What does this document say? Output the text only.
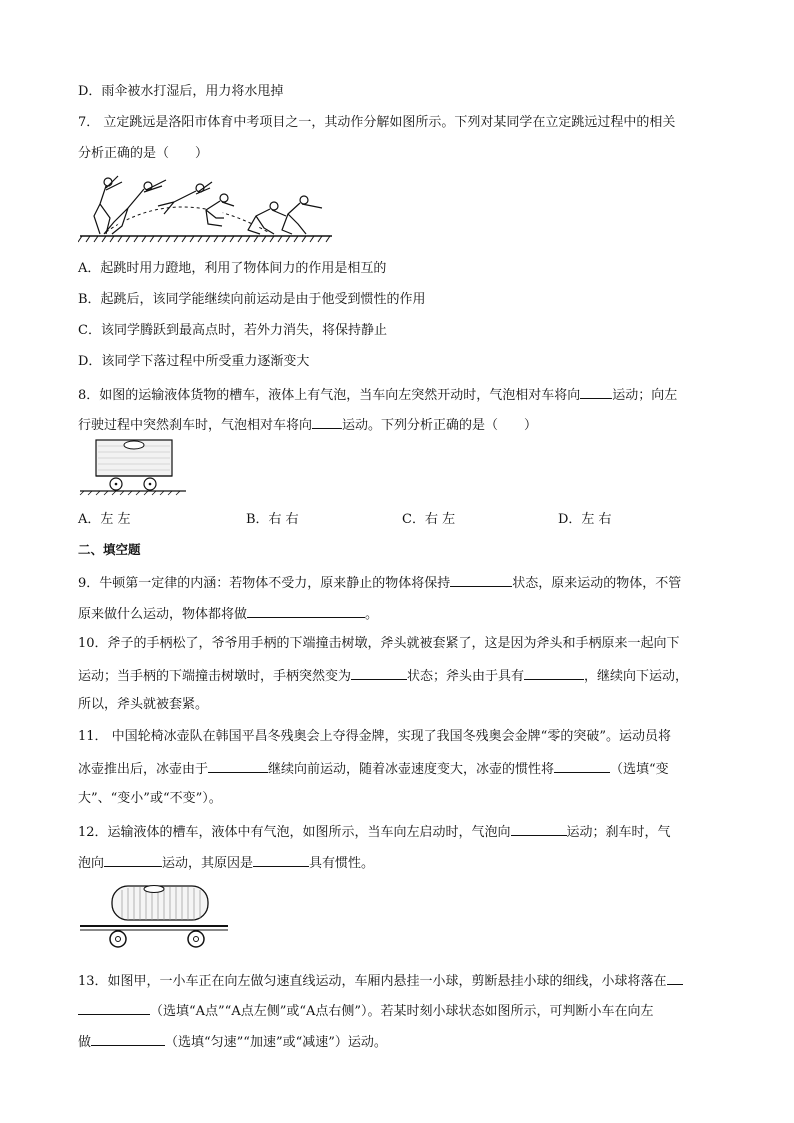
D．雨伞被水打湿后，用力将水甩掉
7． 立定跳远是洛阳市体育中考项目之一，其动作分解如图所示。下列对某同学在立定跳远过程中的相关
分析正确的是（　　）
A．起跳时用力蹬地，利用了物体间力的作用是相互的
B．起跳后，该同学能继续向前运动是由于他受到惯性的作用
C．该同学腾跃到最高点时，若外力消失，将保持静止
D．该同学下落过程中所受重力逐渐变大
8．如图的运输液体货物的槽车，液体上有气泡，当车向左突然开动时，气泡相对车将向 运动；向左
行驶过程中突然刹车时，气泡相对车将向 运动。下列分析正确的是（　　）
A．左 左	B．右 右	C．右 左	D．左 右
二、填空题
9．牛顿第一定律的内涵：若物体不受力，原来静止的物体将保持	状态，原来运动的物体，不管
原来做什么运动，物体都将做	。
10．斧子的手柄松了，爷爷用手柄的下端撞击树墩，斧头就被套紧了，这是因为斧头和手柄原来一起向下
运动；当手柄的下端撞击树墩时，手柄突然变为	状态；斧头由于具有	，继续向下运动，
所以，斧头就被套紧。
11． 中国轮椅冰壶队在韩国平昌冬残奥会上夺得金牌，实现了我国冬残奥会金牌“零的突破”。运动员将
冰壶推出后，冰壶由于	继续向前运动，随着冰壶速度变大，冰壶的惯性将	（选填“变
大”、“变小”或“不变”）。
12．运输液体的槽车，液体中有气泡，如图所示，当车向左启动时，气泡向	运动；刹车时，气
泡向	运动，其原因是	具有惯性。
13．如图甲，一小车正在向左做匀速直线运动，车厢内悬挂一小球，剪断悬挂小球的细线，小球将落在
（选填“A点”“A点左侧”或“A点右侧”）。若某时刻小球状态如图所示，可判断小车在向左
做	（选填“匀速”“加速”或“减速”）运动。
